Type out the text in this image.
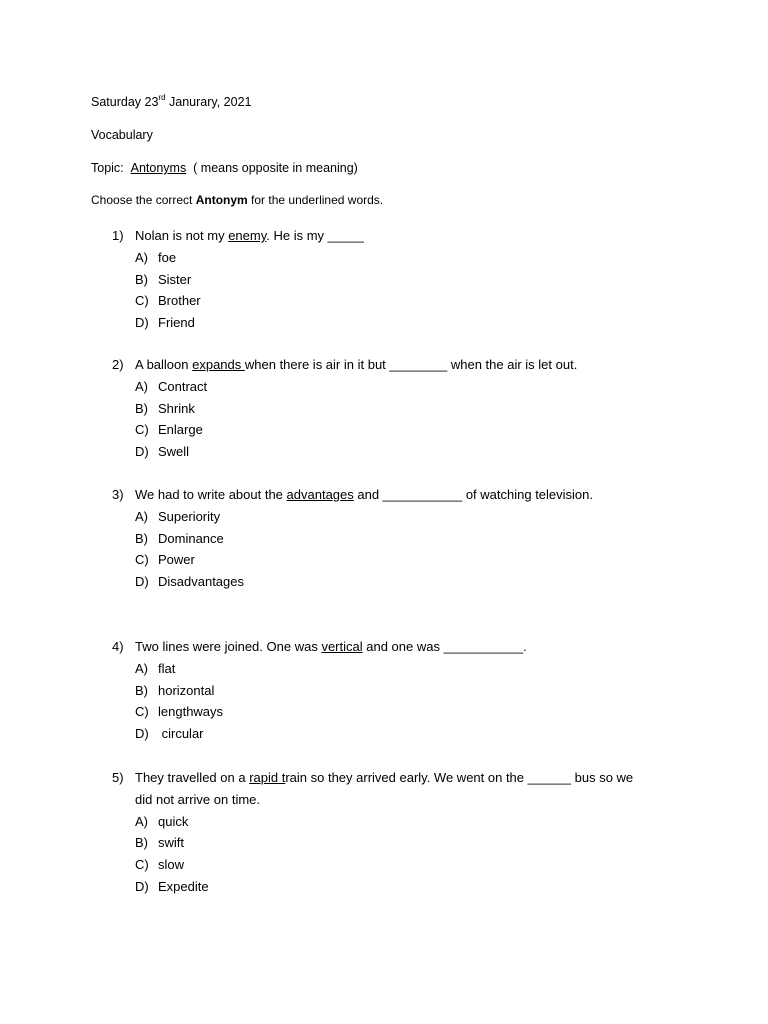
Saturday 23rd Janurary, 2021
Vocabulary
Topic: Antonyms ( means opposite in meaning)
Choose the correct Antonym for the underlined words.
1) Nolan is not my enemy. He is my _____
A) foe
B) Sister
C) Brother
D) Friend
2) A balloon expands when there is air in it but ________ when the air is let out.
A) Contract
B) Shrink
C) Enlarge
D) Swell
3) We had to write about the advantages and ___________ of watching television.
A) Superiority
B) Dominance
C) Power
D) Disadvantages
4) Two lines were joined. One was vertical and one was ___________.
A) flat
B) horizontal
C) lengthways
D) circular
5) They travelled on a rapid train so they arrived early. We went on the ______ bus so we
did not arrive on time.
A) quick
B) swift
C) slow
D) Expedite
